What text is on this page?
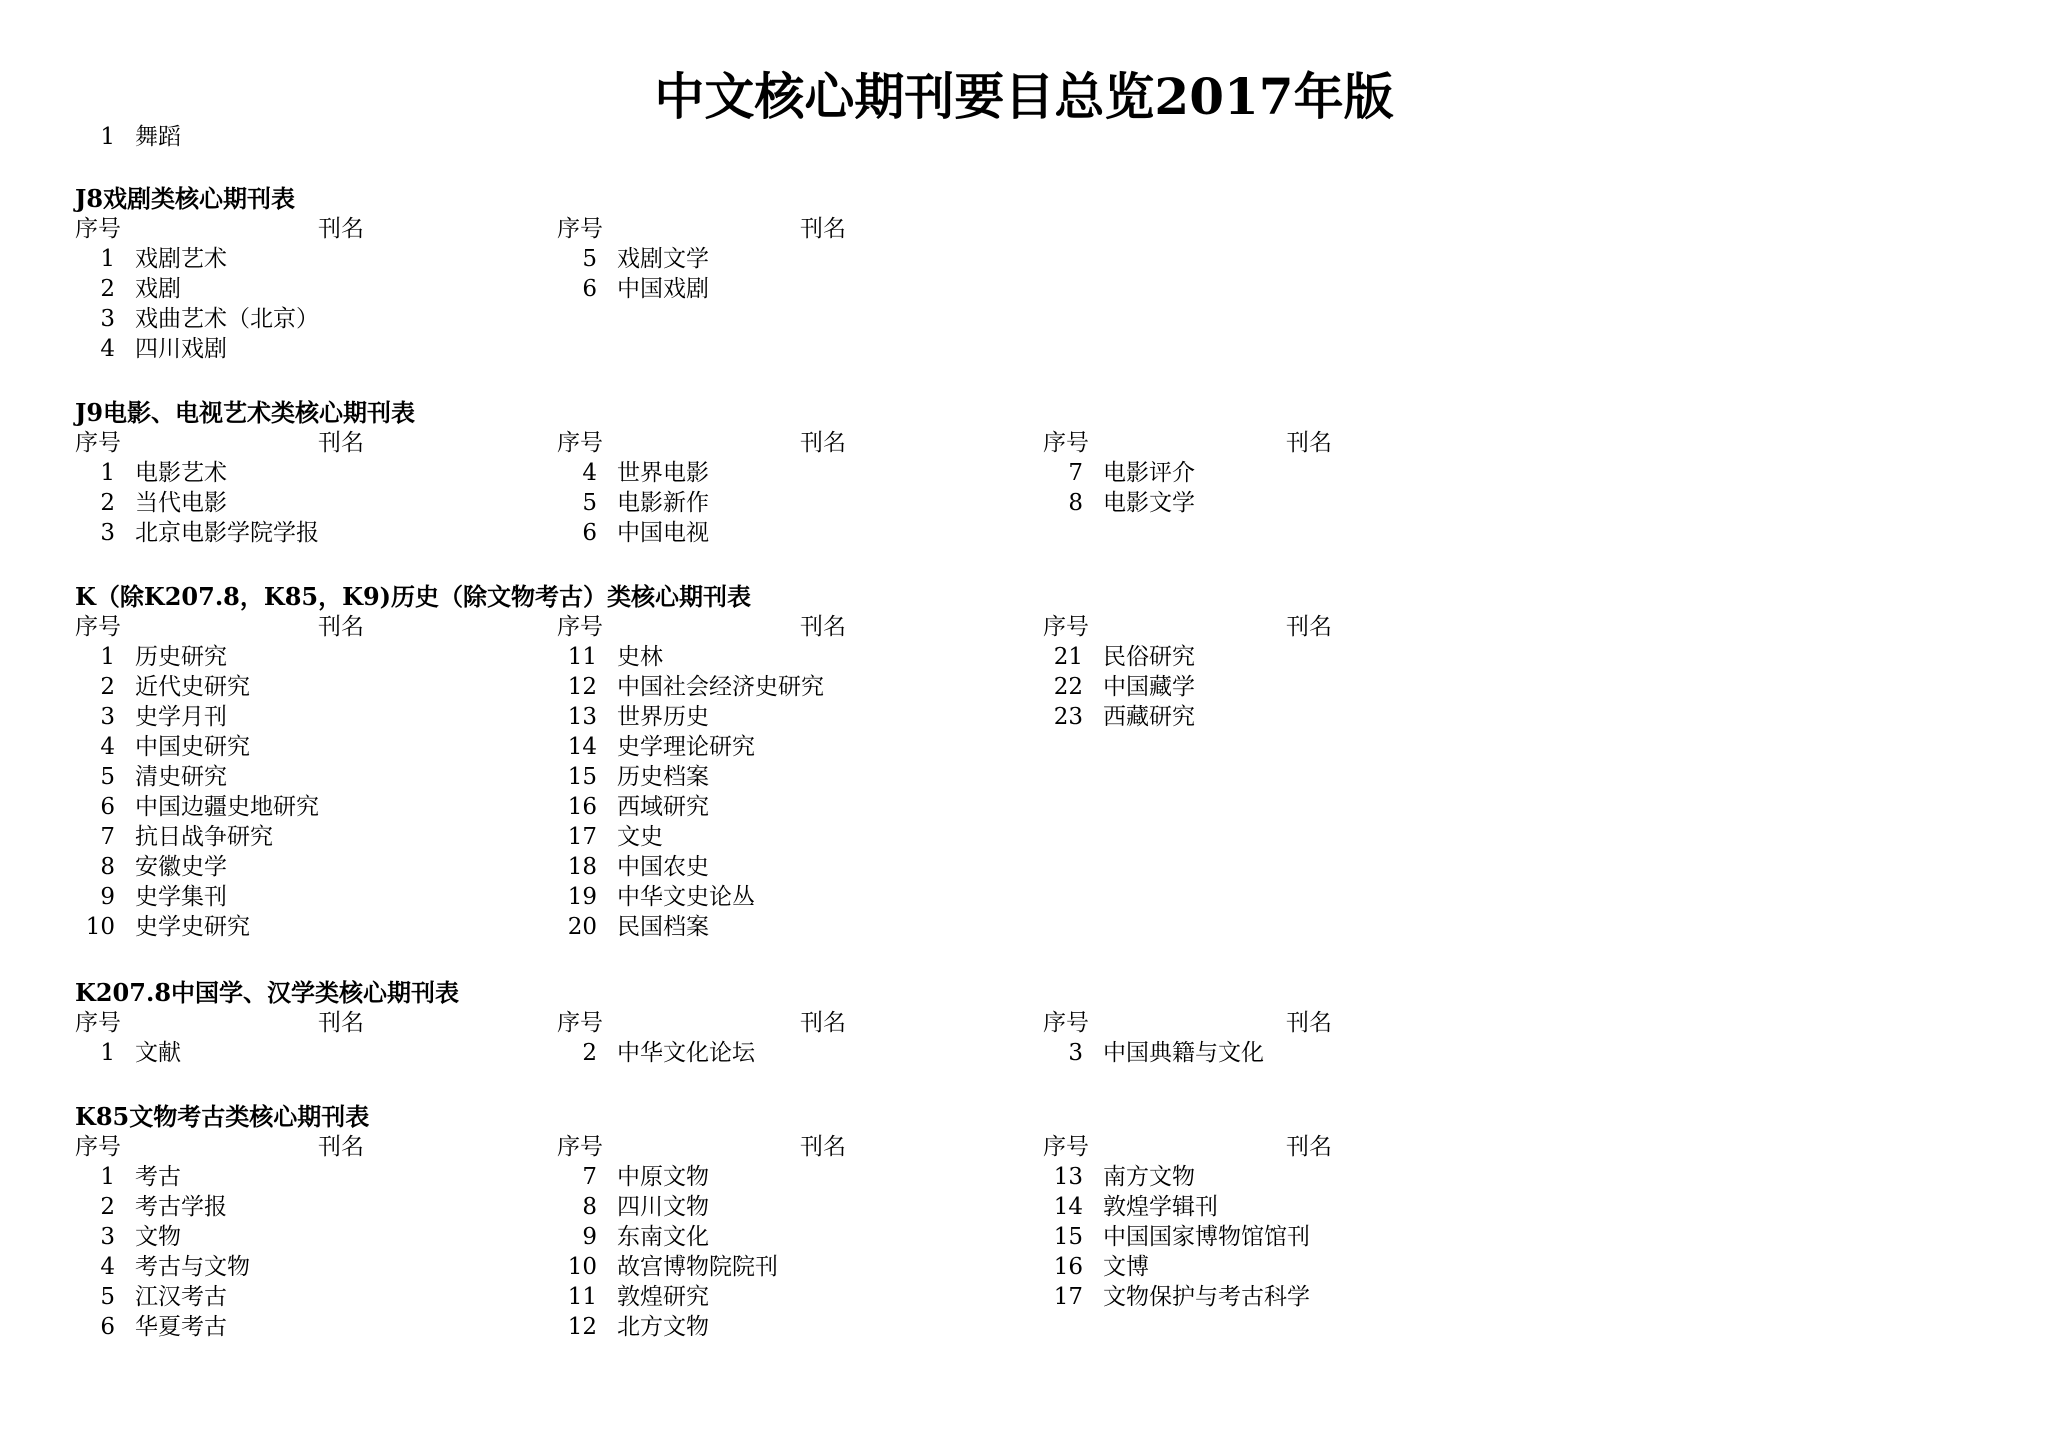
中文核心期刊要目总览2017年版
1 舞蹈
J8戏剧类核心期刊表
序号	刊名
1 戏剧艺术
2 戏剧
3 戏曲艺术（北京）
4 四川戏剧
序号	刊名
5 戏剧文学
6 中国戏剧
J9电影、电视艺术类核心期刊表
序号	刊名
1 电影艺术
2 当代电影
3 北京电影学院学报
序号	刊名
4 世界电影
5 电影新作
6 中国电视
序号	刊名
7 电影评介
8 电影文学
K（除K207.8，K85，K9)历史（除文物考古）类核心期刊表
序号	刊名
1 历史研究
2 近代史研究
3 史学月刊
4 中国史研究
5 清史研究
6 中国边疆史地研究
7 抗日战争研究
8 安徽史学
9 史学集刊
10 史学史研究
序号	刊名
11 史林
12 中国社会经济史研究
13 世界历史
14 史学理论研究
15 历史档案
16 西域研究
17 文史
18 中国农史
19 中华文史论丛
20 民国档案
序号	刊名
21 民俗研究
22 中国藏学
23 西藏研究
K207.8中国学、汉学类核心期刊表
序号	刊名
1 文献
序号	刊名
2 中华文化论坛
序号	刊名
3 中国典籍与文化
K85文物考古类核心期刊表
序号	刊名
1 考古
2 考古学报
3 文物
4 考古与文物
5 江汉考古
6 华夏考古
序号	刊名
7 中原文物
8 四川文物
9 东南文化
10 故宫博物院院刊
11 敦煌研究
12 北方文物
序号	刊名
13 南方文物
14 敦煌学辑刊
15 中国国家博物馆馆刊
16 文博
17 文物保护与考古科学
